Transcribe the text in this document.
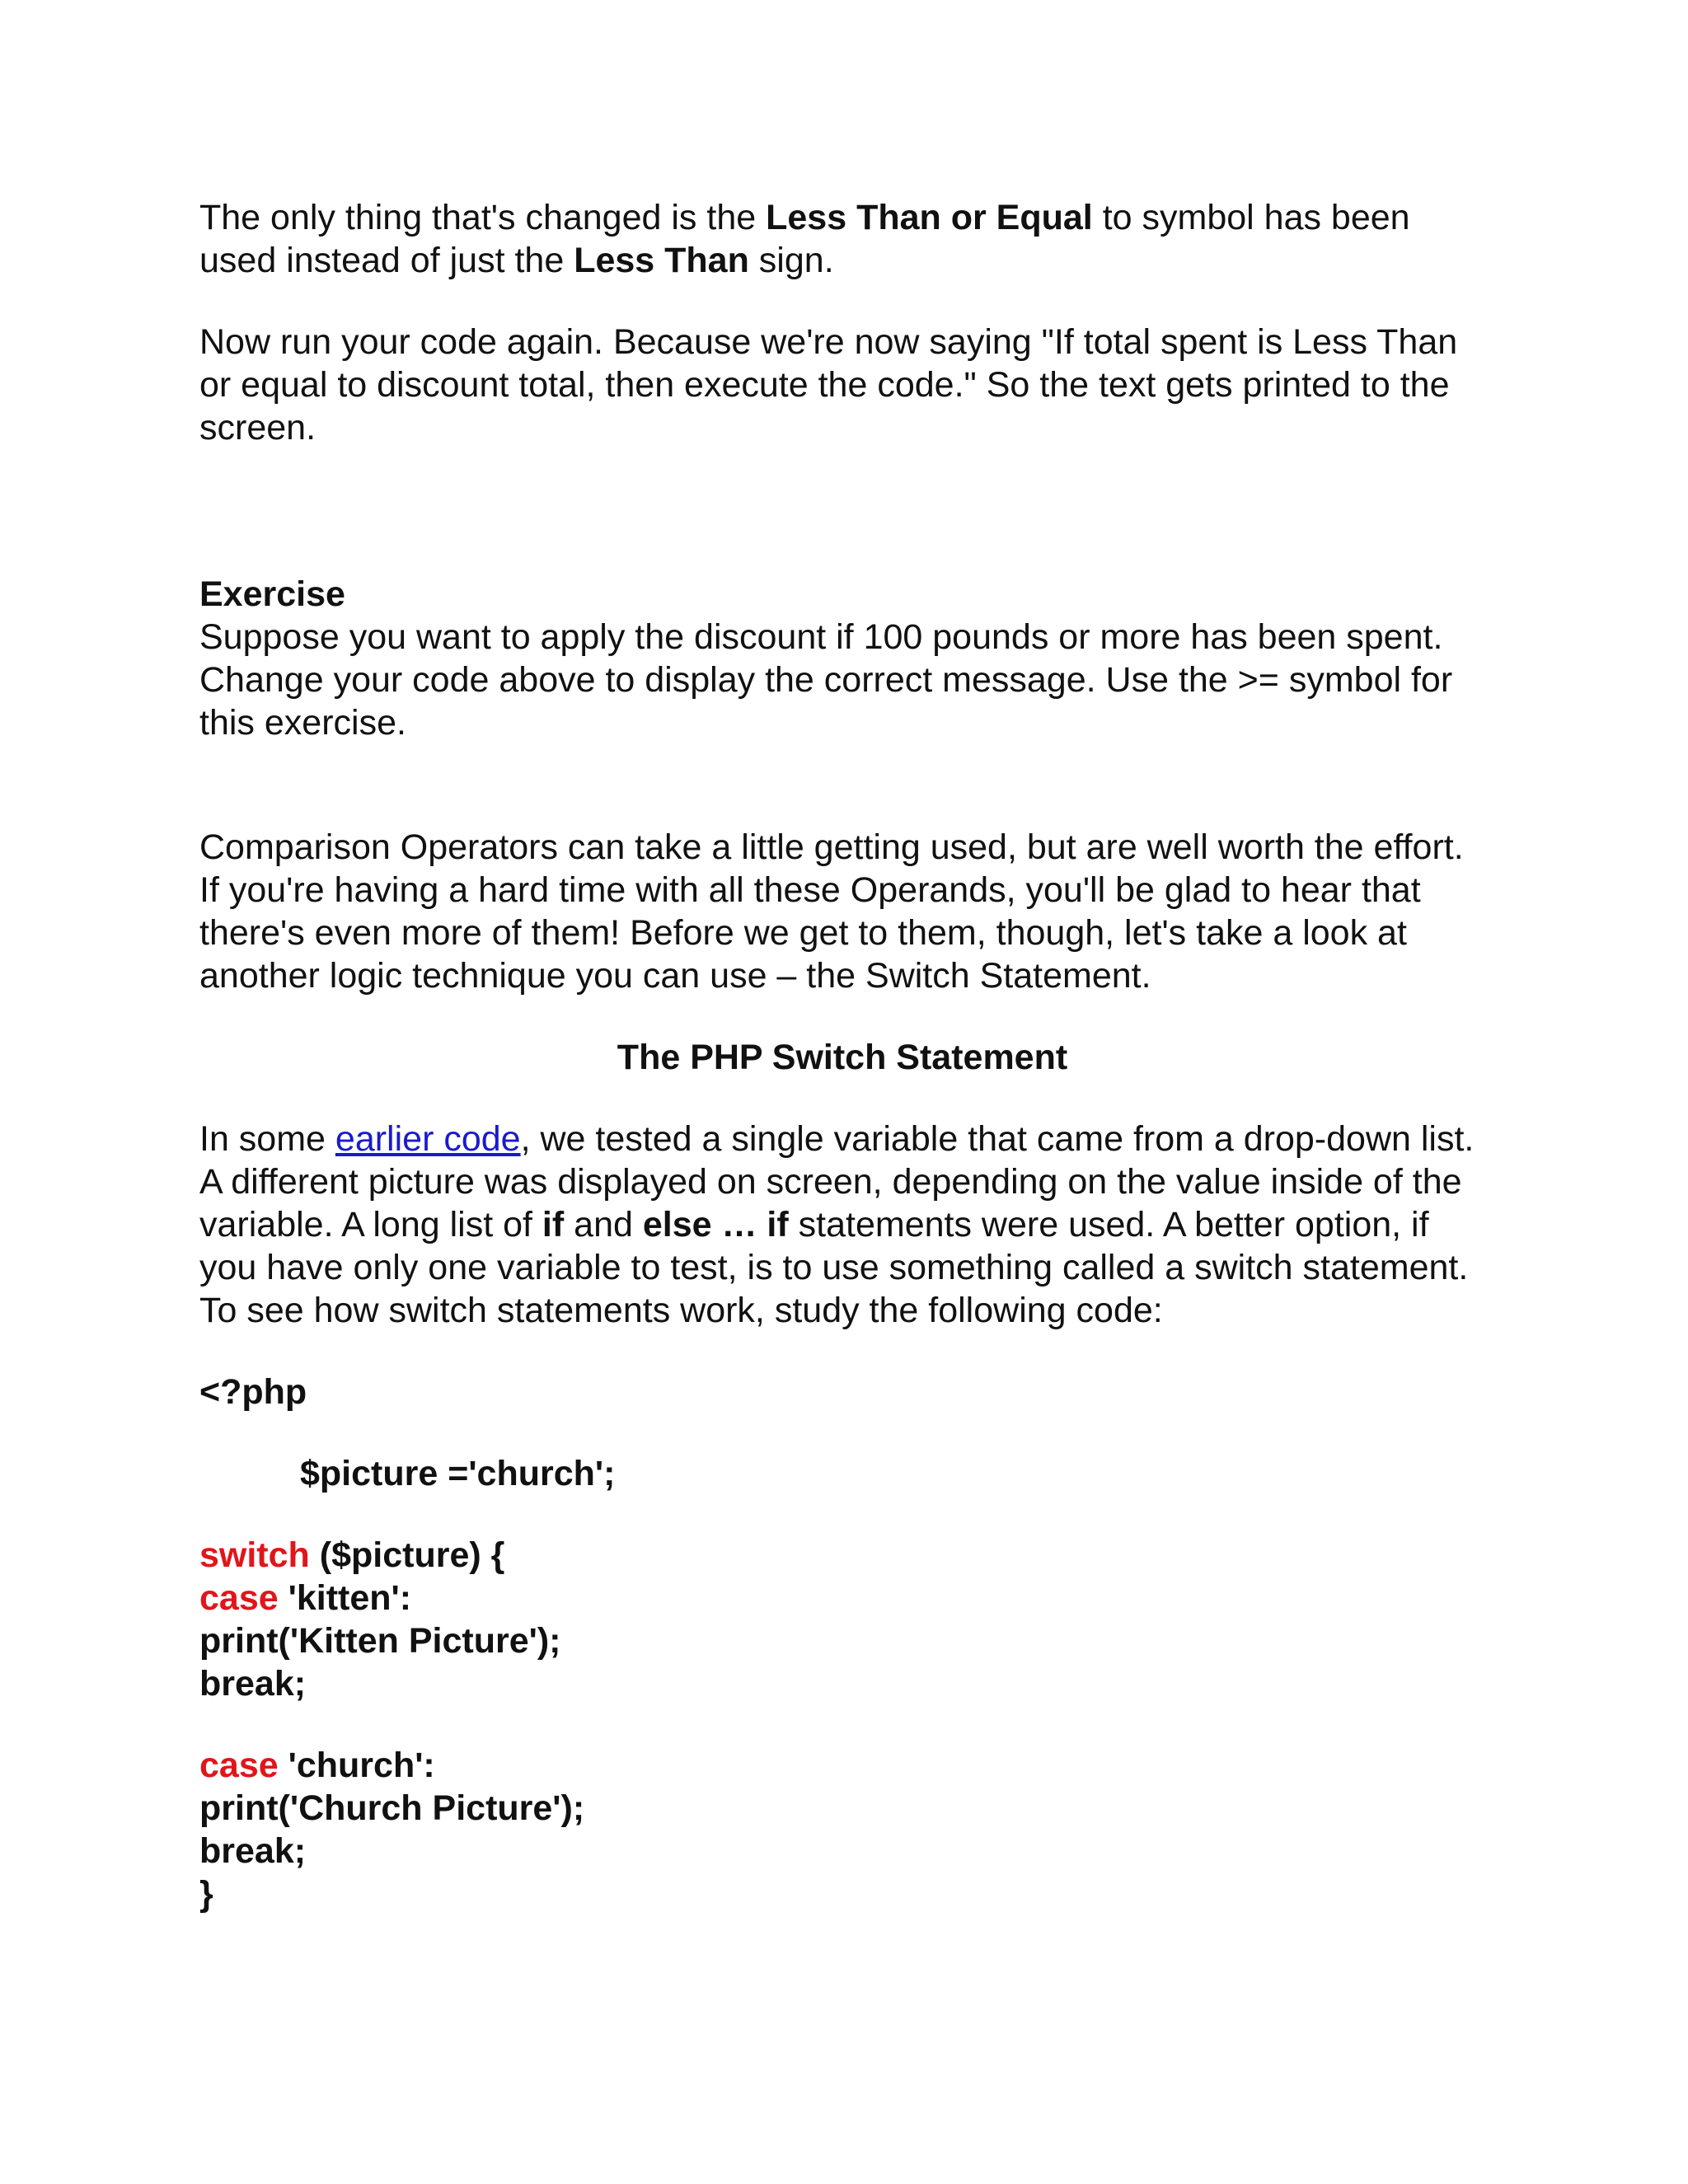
The only thing that's changed is the Less Than or Equal to symbol has been used instead of just the Less Than sign.

Now run your code again. Because we're now saying "If total spent is Less Than or equal to discount total, then execute the code." So the text gets printed to the screen.

Exercise

Suppose you want to apply the discount if 100 pounds or more has been spent. Change your code above to display the correct message. Use the >= symbol for this exercise.

Comparison Operators can take a little getting used, but are well worth the effort. If you're having a hard time with all these Operands, you'll be glad to hear that there's even more of them! Before we get to them, though, let's take a look at another logic technique you can use – the Switch Statement.

The PHP Switch Statement

In some earlier code, we tested a single variable that came from a drop-down list. A different picture was displayed on screen, depending on the value inside of the variable. A long list of if and else … if statements were used. A better option, if you have only one variable to test, is to use something called a switch statement. To see how switch statements work, study the following code:

<?php
$picture ='church';
switch ($picture) {
case 'kitten':
print('Kitten Picture');
break;
case 'church':
print('Church Picture');
break;
}
